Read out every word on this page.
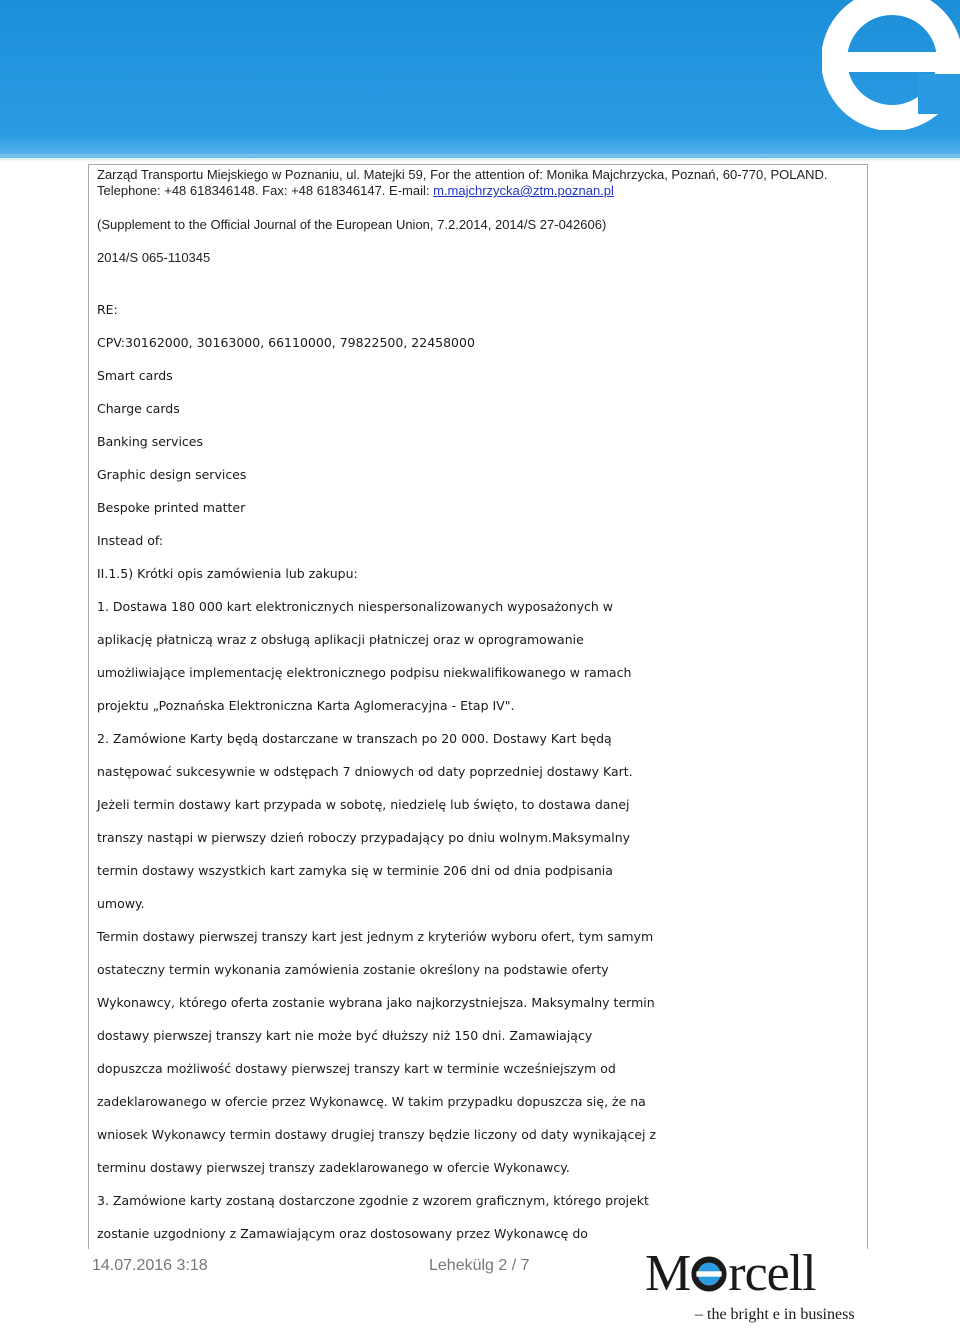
Zarząd Transportu Miejskiego w Poznaniu, ul. Matejki 59, For the attention of: Monika Majchrzycka, Poznań, 60-770, POLAND.
Telephone: +48 618346148. Fax: +48 618346147. E-mail: m.majchrzycka@ztm.poznan.pl
(Supplement to the Official Journal of the European Union, 7.2.2014, 2014/S 27-042606)
2014/S 065-110345
RE:
CPV:30162000, 30163000, 66110000, 79822500, 22458000
Smart cards
Charge cards
Banking services
Graphic design services
Bespoke printed matter
Instead of:
II.1.5) Krótki opis zamówienia lub zakupu:
1. Dostawa 180 000 kart elektronicznych niespersonalizowanych wyposażonych w
aplikację płatniczą wraz z obsługą aplikacji płatniczej oraz w oprogramowanie
umożliwiające implementację elektronicznego podpisu niekwalifikowanego w ramach
projektu „Poznańska Elektroniczna Karta Aglomeracyjna - Etap IV".
2. Zamówione Karty będą dostarczane w transzach po 20 000. Dostawy Kart będą
następować sukcesywnie w odstępach 7 dniowych od daty poprzedniej dostawy Kart.
Jeżeli termin dostawy kart przypada w sobotę, niedzielę lub święto, to dostawa danej
transzy nastąpi w pierwszy dzień roboczy przypadający po dniu wolnym.Maksymalny
termin dostawy wszystkich kart zamyka się w terminie 206 dni od dnia podpisania
umowy.
Termin dostawy pierwszej transzy kart jest jednym z kryteriów wyboru ofert, tym samym
ostateczny termin wykonania zamówienia zostanie określony na podstawie oferty
Wykonawcy, którego oferta zostanie wybrana jako najkorzystniejsza. Maksymalny termin
dostawy pierwszej transzy kart nie może być dłuższy niż 150 dni. Zamawiający
dopuszcza możliwość dostawy pierwszej transzy kart w terminie wcześniejszym od
zadeklarowanego w ofercie przez Wykonawcę. W takim przypadku dopuszcza się, że na
wniosek Wykonawcy termin dostawy drugiej transzy będzie liczony od daty wynikającej z
terminu dostawy pierwszej transzy zadeklarowanego w ofercie Wykonawcy.
3. Zamówione karty zostaną dostarczone zgodnie z wzorem graficznym, którego projekt
zostanie uzgodniony z Zamawiającym oraz dostosowany przez Wykonawcę do
14.07.2016 3:18	Lehekülg 2 / 7 M rcell
– the bright e in business
